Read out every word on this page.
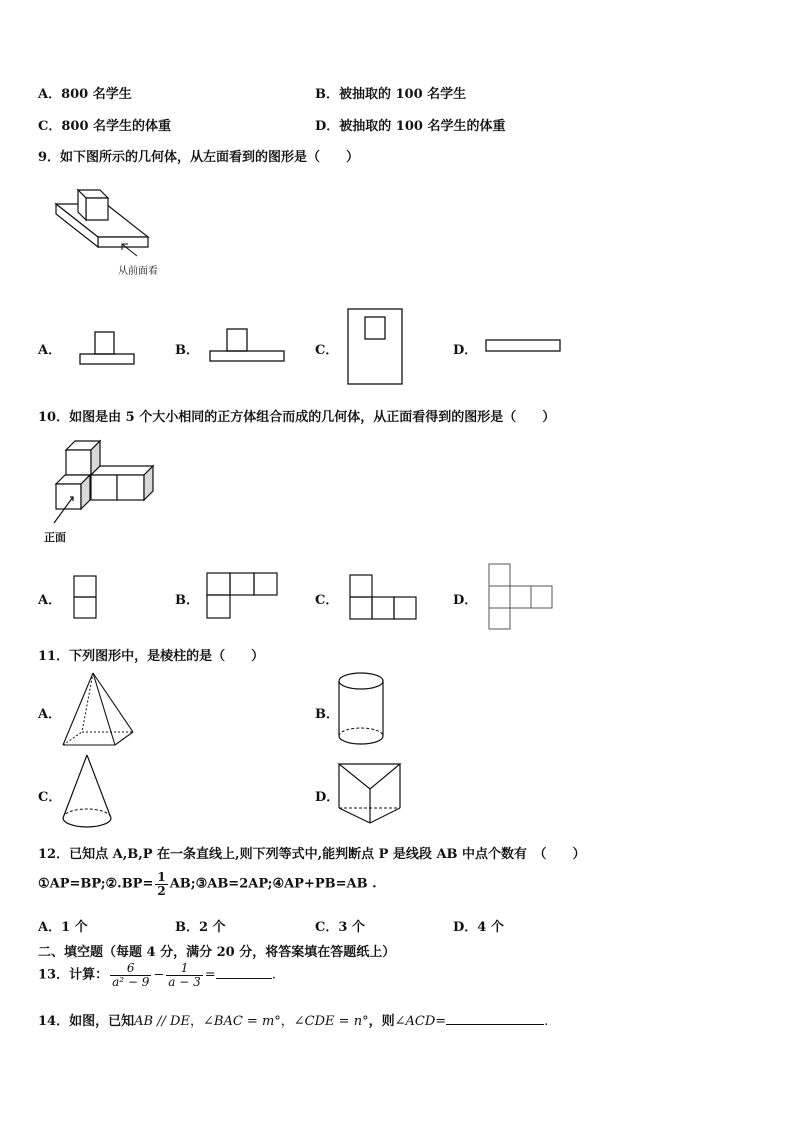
A．800 名学生	B．被抽取的 100 名学生
C．800 名学生的体重	D．被抽取的 100 名学生的体重
9．如下图所示的几何体，从左面看到的图形是（　　）
从前面看
A．	B．	C．	D．
10．如图是由 5 个大小相同的正方体组合而成的几何体，从正面看得到的图形是（　　）
正面
A．	B．	C．	D．
11．下列图形中，是棱柱的是（　　）
A．	B．
C．	D．
12．已知点 A,B,P 在一条直线上,则下列等式中,能判断点 P 是线段 AB 中点个数有　（　　）
①AP=BP;②.BP= $\frac{1}{2}$ AB;③AB=2AP;④AP+PB=AB .
A．1 个	B．2 个	C．3 个	D．4 个
二、填空题（每题 4 分，满分 20 分，将答案填在答题纸上）
13．计算： $\frac{6}{\text{a² − 9}} - \frac{1}{a - 3}$ =	.
14．如图，已知AB // DE，∠BAC = m°，∠CDE = n°，则∠ACD=	.
